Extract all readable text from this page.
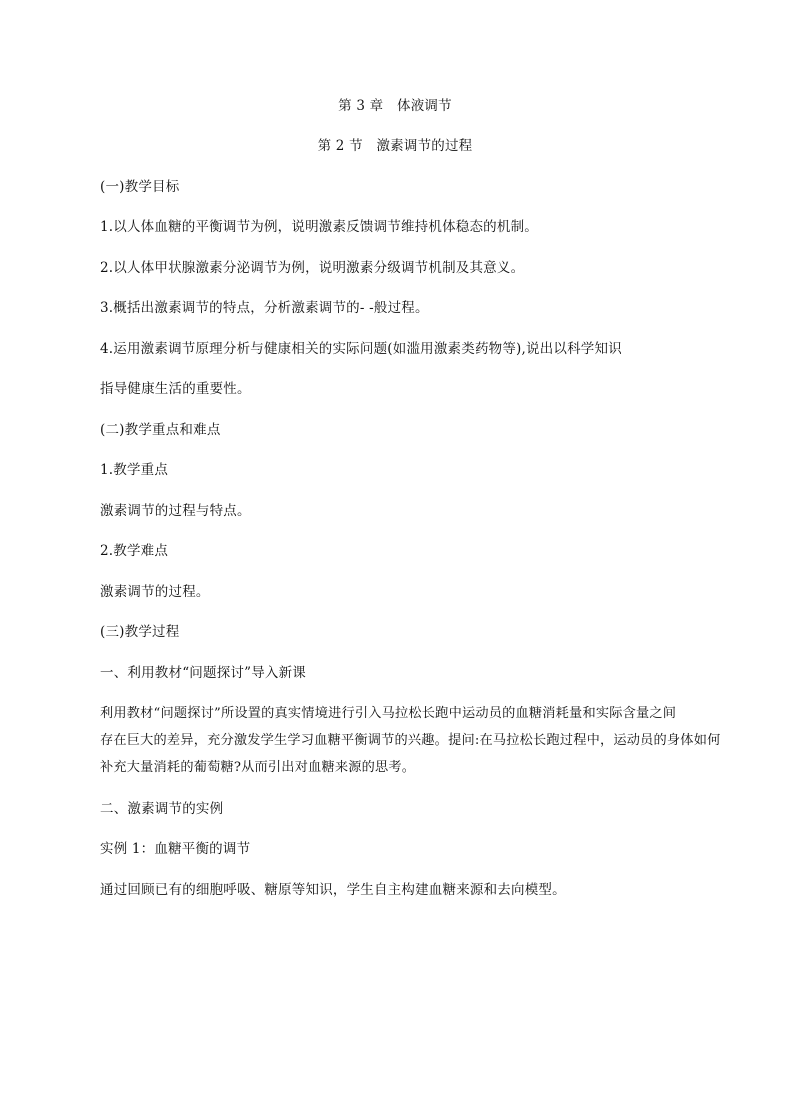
第 3 章　体液调节
第 2 节　激素调节的过程
(一)教学目标
1.以人体血糖的平衡调节为例，说明激素反馈调节维持机体稳态的机制。
2.以人体甲状腺激素分泌调节为例，说明激素分级调节机制及其意义。
3.概括出激素调节的特点，分析激素调节的- -般过程。
4.运用激素调节原理分析与健康相关的实际问题(如滥用激素类药物等),说出以科学知识
指导健康生活的重要性。
(二)教学重点和难点
1.教学重点
激素调节的过程与特点。
2.教学难点
激素调节的过程。
(三)教学过程
一、利用教材“问题探讨”导入新课
利用教材“问题探讨”所设置的真实情境进行引入马拉松长跑中运动员的血糖消耗量和实际含量之间
存在巨大的差异，充分激发学生学习血糖平衡调节的兴趣。提问:在马拉松长跑过程中，运动员的身体如何
补充大量消耗的葡萄糖?从而引出对血糖来源的思考。
二、激素调节的实例
实例 1：血糖平衡的调节
通过回顾已有的细胞呼吸、糖原等知识，学生自主构建血糖来源和去向模型。
